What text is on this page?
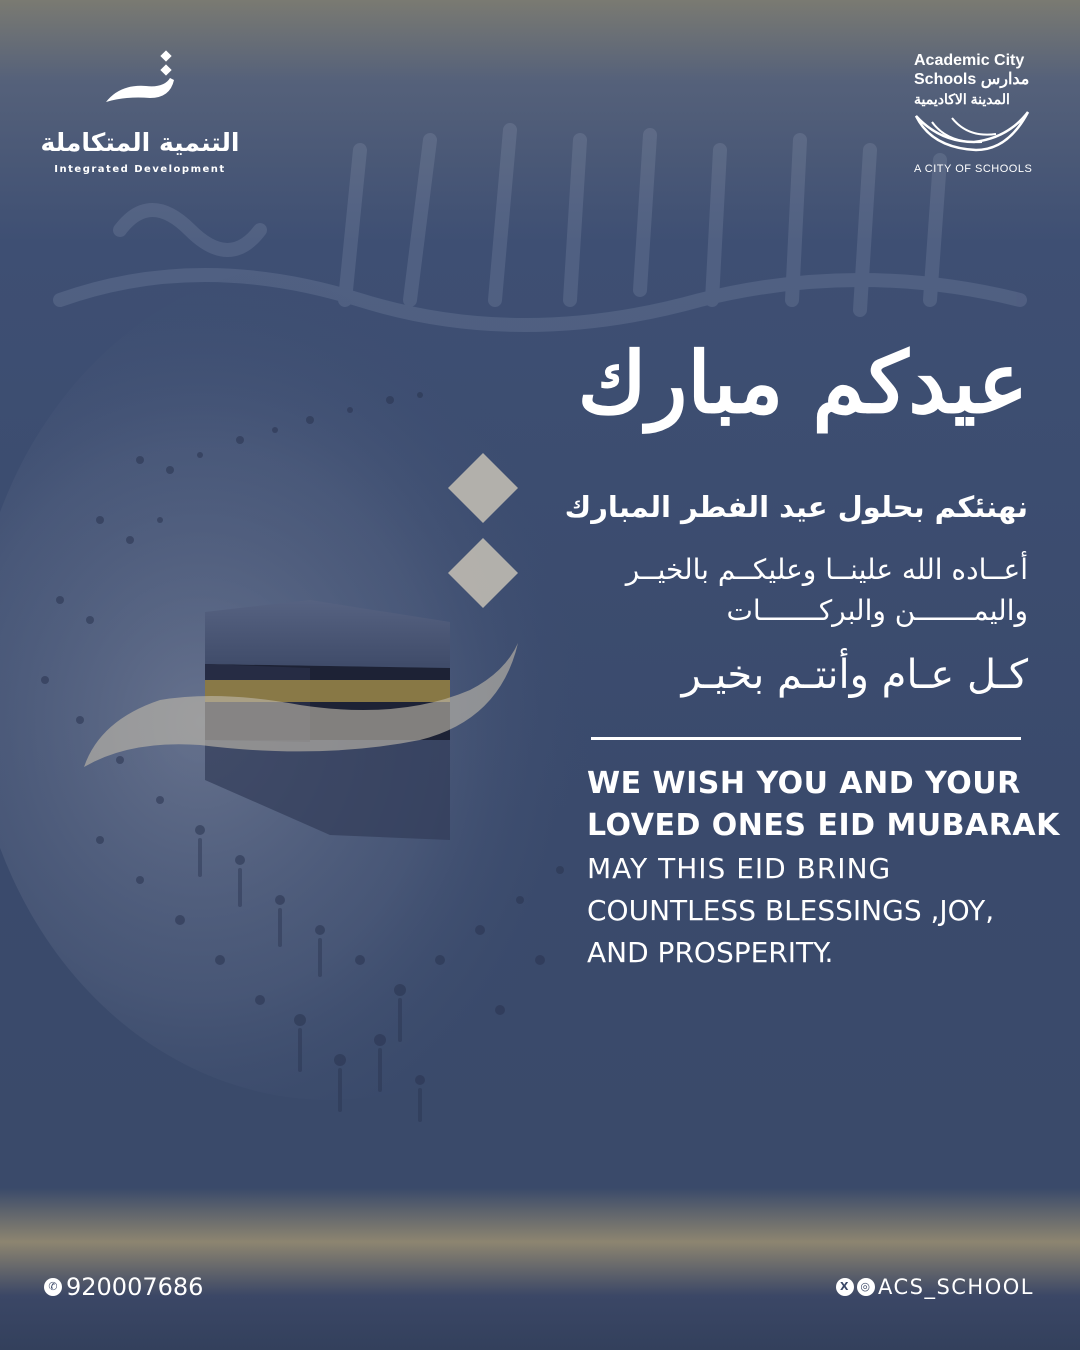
التنمية المتكاملة
Integrated Development
Academic City
Schools مدارس
المدينة الاكاديمية
A CITY OF SCHOOLS
عيدكم مبارك
نهنئكم بحلول عيد الفطر المبارك
أعــاده الله علينــا وعليكــم بالخيــر
واليمـــــــن والبركـــــــات
كـل عـام وأنتـم بخيـر
WE WISH YOU AND YOUR
LOVED ONES EID MUBARAK
MAY THIS EID BRING
COUNTLESS BLESSINGS ,JOY,
AND PROSPERITY.
✆ 920007686	X ◎ ACS_SCHOOL
